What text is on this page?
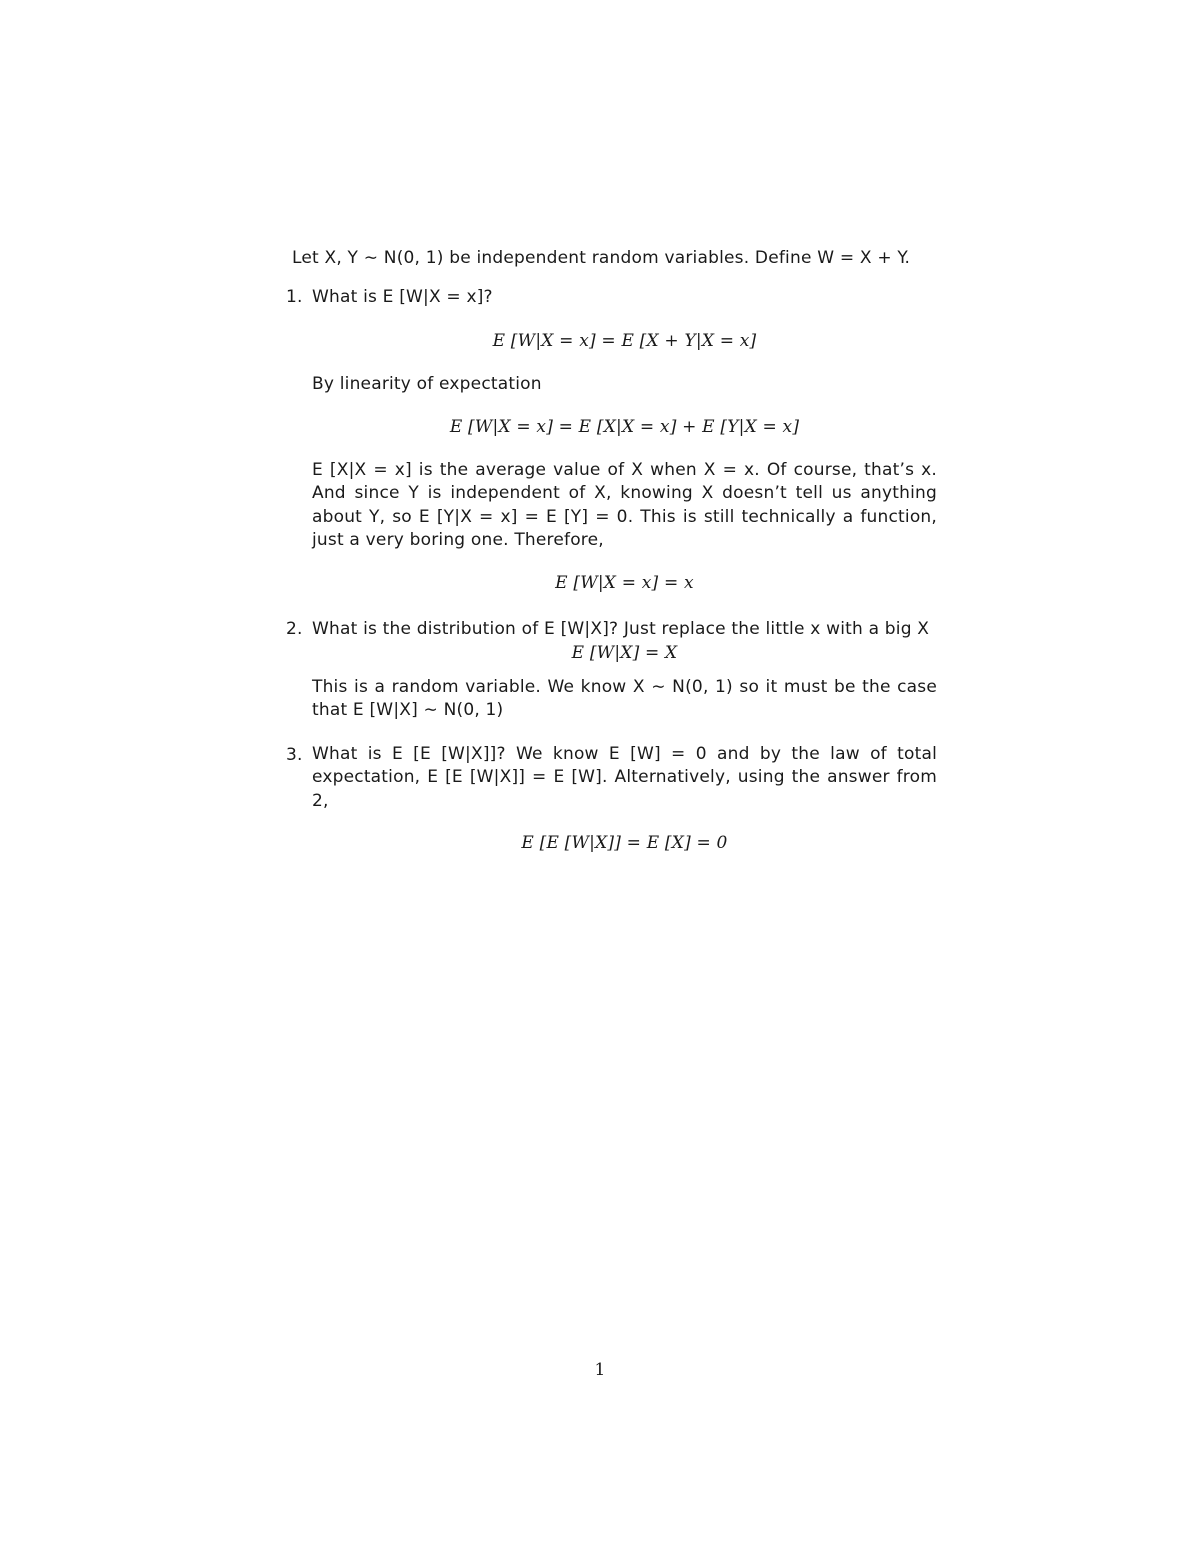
Let X, Y ∼ N(0, 1) be independent random variables. Define W = X + Y.

1. What is E [W|X = x]?

E [W|X = x] = E [X + Y|X = x]

By linearity of expectation

E [W|X = x] = E [X|X = x] + E [Y|X = x]

E [X|X = x] is the average value of X when X = x. Of course, that’s x. And since Y is independent of X, knowing X doesn’t tell us anything about Y, so E [Y|X = x] = E [Y] = 0. This is still technically a function, just a very boring one. Therefore,

E [W|X = x] = x

2. What is the distribution of E [W|X]? Just replace the little x with a big X

E [W|X] = X

This is a random variable. We know X ∼ N(0, 1) so it must be the case that E [W|X] ∼ N(0, 1)

3. What is E [E [W|X]]? We know E [W] = 0 and by the law of total expectation, E [E [W|X]] = E [W]. Alternatively, using the answer from 2,

E [E [W|X]] = E [X] = 0

1
